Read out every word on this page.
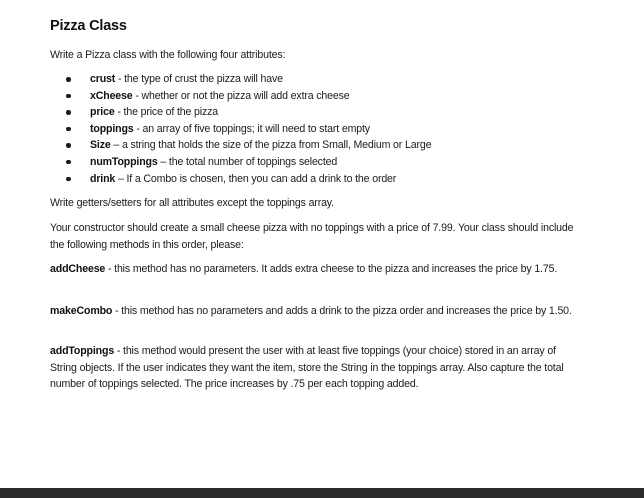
Pizza Class
Write a Pizza class with the following four attributes:
crust - the type of crust the pizza will have
xCheese - whether or not the pizza will add extra cheese
price - the price of the pizza
toppings - an array of five toppings; it will need to start empty
Size – a string that holds the size of the pizza from Small, Medium or Large
numToppings – the total number of toppings selected
drink – If a Combo is chosen, then you can add a drink to the order
Write getters/setters for all attributes except the toppings array.
Your constructor should create a small cheese pizza with no toppings with a price of 7.99. Your class should include the following methods in this order, please:
addCheese - this method has no parameters. It adds extra cheese to the pizza and increases the price by 1.75.
makeCombo - this method has no parameters and adds a drink to the pizza order and increases the price by 1.50.
addToppings - this method would present the user with at least five toppings (your choice) stored in an array of String objects. If the user indicates they want the item, store the String in the toppings array. Also capture the total number of toppings selected. The price increases by .75 per each topping added.
